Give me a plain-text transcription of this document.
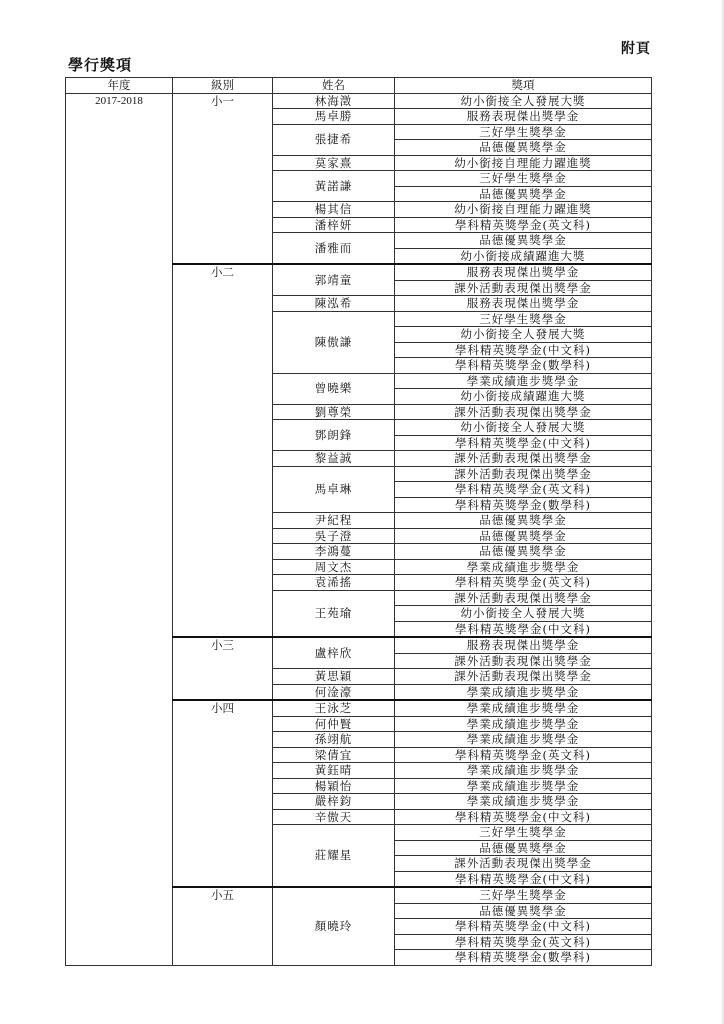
附頁
學行獎項
年度	級別	姓名	獎項
2017-2018	小一	林海澂	幼小銜接全人發展大獎
		馬卓勝	服務表現傑出獎學金
		張捷希	三好學生獎學金
			品德優異獎學金
		莫家熹	幼小銜接自理能力躍進獎
		黃諾謙	三好學生獎學金
			品德優異獎學金
		楊其信	幼小銜接自理能力躍進獎
		潘梓妍	學科精英獎學金(英文科)
		潘雅而	品德優異獎學金
			幼小銜接成績躍進大獎
	小二	郭靖童	服務表現傑出獎學金
			課外活動表現傑出獎學金
		陳泓希	服務表現傑出獎學金
		陳傲謙	三好學生獎學金
			幼小銜接全人發展大獎
			學科精英獎學金(中文科)
			學科精英獎學金(數學科)
		曾曉樂	學業成績進步獎學金
			幼小銜接成績躍進大獎
		劉尊榮	課外活動表現傑出獎學金
		鄧朗鋒	幼小銜接全人發展大獎
			學科精英獎學金(中文科)
		黎益誠	課外活動表現傑出獎學金
		馬卓琳	課外活動表現傑出獎學金
			學科精英獎學金(英文科)
			學科精英獎學金(數學科)
		尹紀程	品德優異獎學金
		吳子澄	品德優異獎學金
		李鴻蔓	品德優異獎學金
		周文杰	學業成績進步獎學金
		袁浠搖	學科精英獎學金(英文科)
		王苑瑜	課外活動表現傑出獎學金
			幼小銜接全人發展大獎
			學科精英獎學金(中文科)
	小三	盧梓欣	服務表現傑出獎學金
			課外活動表現傑出獎學金
		黃思穎	課外活動表現傑出獎學金
		何淦濠	學業成績進步獎學金
	小四	王泳芝	學業成績進步獎學金
		何仲賢	學業成績進步獎學金
		孫翊航	學業成績進步獎學金
		梁倩宜	學科精英獎學金(英文科)
		黃鈺晴	學業成績進步獎學金
		楊穎怡	學業成績進步獎學金
		嚴梓鈞	學業成績進步獎學金
		辛傲天	學科精英獎學金(中文科)
		莊耀星	三好學生獎學金
			品德優異獎學金
			課外活動表現傑出獎學金
			學科精英獎學金(中文科)
	小五	顏曉玲	三好學生獎學金
			品德優異獎學金
			學科精英獎學金(中文科)
			學科精英獎學金(英文科)
			學科精英獎學金(數學科)
